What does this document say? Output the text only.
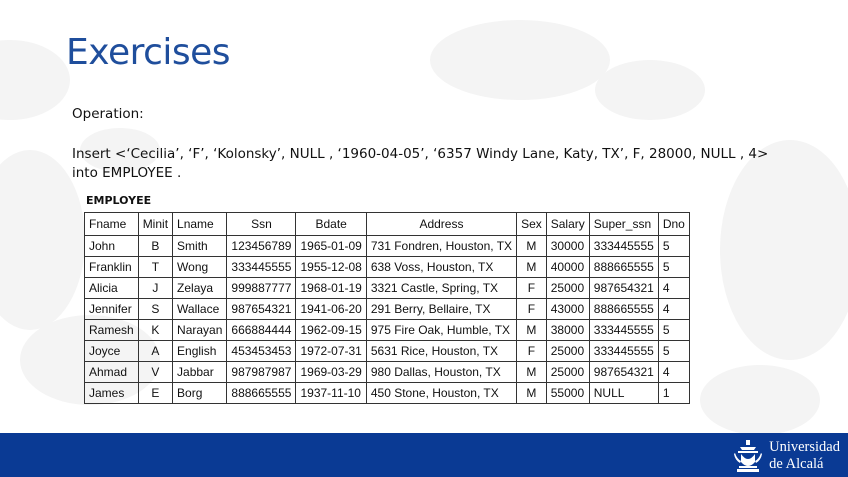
Exercises
Operation:
Insert <‘Cecilia’, ‘F’, ‘Kolonsky’, NULL , ‘1960-04-05’, ‘6357 Windy Lane, Katy, TX’, F, 28000, NULL , 4> into EMPLOYEE .
EMPLOYEE
Fname	Minit	Lname	Ssn	Bdate	Address	Sex	Salary	Super_ssn	Dno
John	B	Smith	123456789	1965-01-09	731 Fondren, Houston, TX	M	30000	333445555	5
Franklin	T	Wong	333445555	1955-12-08	638 Voss, Houston, TX	M	40000	888665555	5
Alicia	J	Zelaya	999887777	1968-01-19	3321 Castle, Spring, TX	F	25000	987654321	4
Jennifer	S	Wallace	987654321	1941-06-20	291 Berry, Bellaire, TX	F	43000	888665555	4
Ramesh	K	Narayan	666884444	1962-09-15	975 Fire Oak, Humble, TX	M	38000	333445555	5
Joyce	A	English	453453453	1972-07-31	5631 Rice, Houston, TX	F	25000	333445555	5
Ahmad	V	Jabbar	987987987	1969-03-29	980 Dallas, Houston, TX	M	25000	987654321	4
James	E	Borg	888665555	1937-11-10	450 Stone, Houston, TX	M	55000	NULL	1
Universidad
de Alcalá
